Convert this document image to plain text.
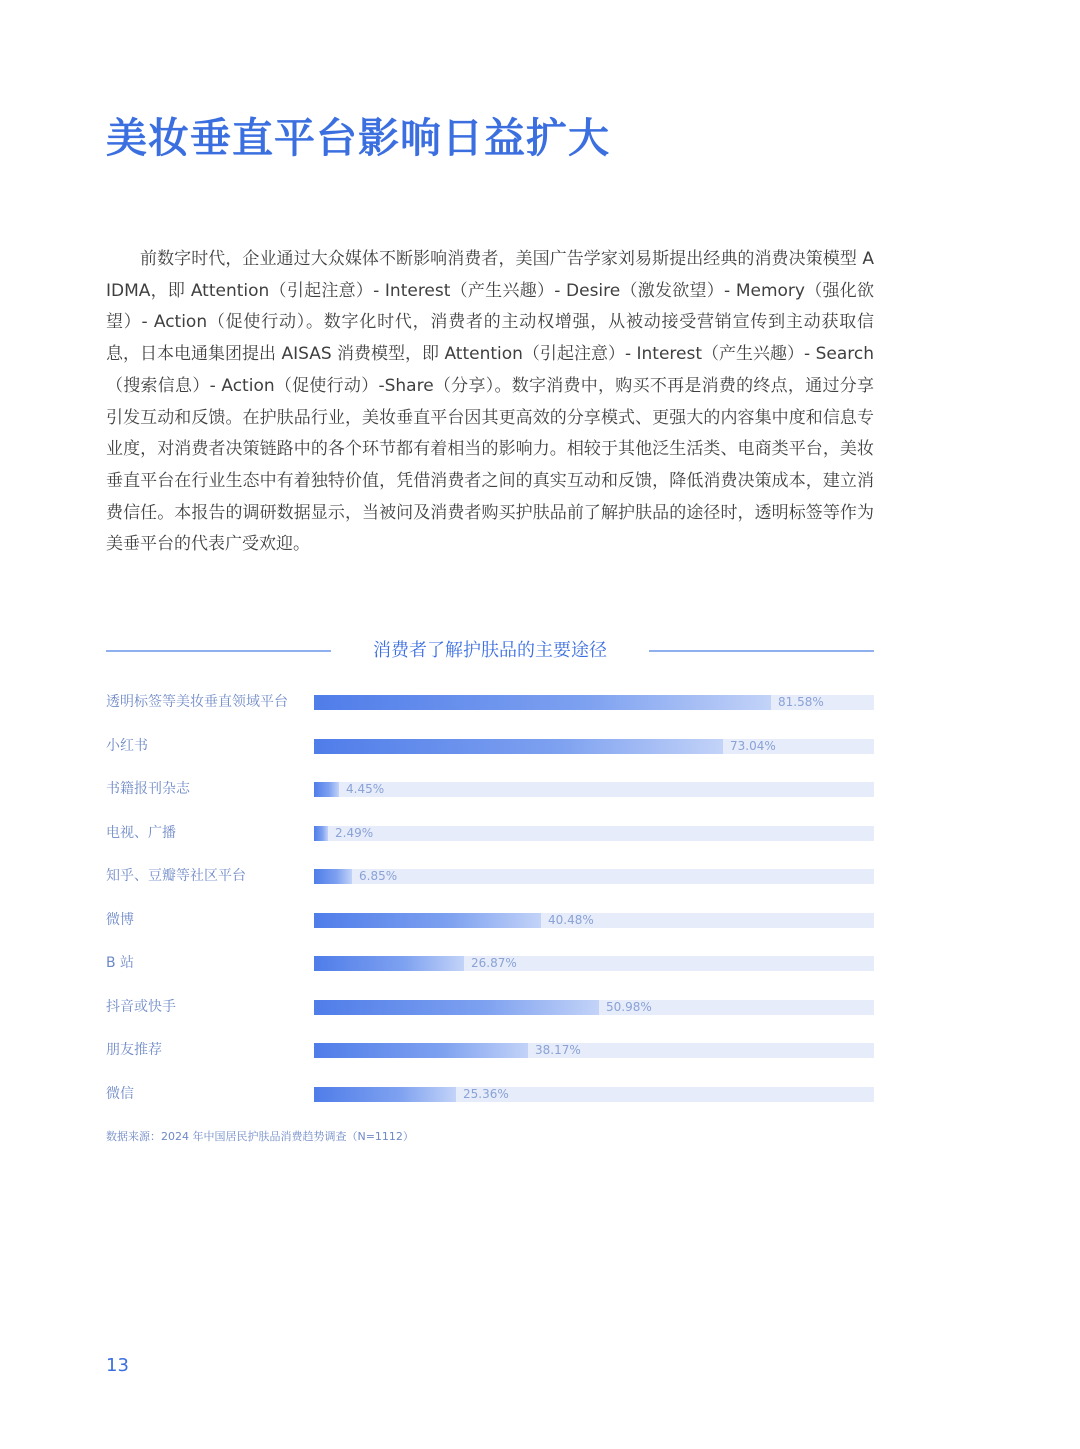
美妆垂直平台影响日益扩大

前数字时代，企业通过大众媒体不断影响消费者，美国广告学家刘易斯提出经典的消费决策模型 AIDMA，即 Attention（引起注意）- Interest（产生兴趣）- Desire（激发欲望）- Memory（强化欲望）- Action（促使行动）。数字化时代，消费者的主动权增强，从被动接受营销宣传到主动获取信息，日本电通集团提出 AISAS 消费模型，即 Attention（引起注意）- Interest（产生兴趣）- Search（搜索信息）- Action（促使行动）-Share（分享）。数字消费中，购买不再是消费的终点，通过分享引发互动和反馈。在护肤品行业，美妆垂直平台因其更高效的分享模式、更强大的内容集中度和信息专业度，对消费者决策链路中的各个环节都有着相当的影响力。相较于其他泛生活类、电商类平台，美妆垂直平台在行业生态中有着独特价值，凭借消费者之间的真实互动和反馈，降低消费决策成本，建立消费信任。本报告的调研数据显示，当被问及消费者购买护肤品前了解护肤品的途径时，透明标签等作为美垂平台的代表广受欢迎。

消费者了解护肤品的主要途径

透明标签等美妆垂直领域平台	81.58%
小红书	73.04%
书籍报刊杂志	4.45%
电视、广播	2.49%
知乎、豆瓣等社区平台	6.85%
微博	40.48%
B 站	26.87%
抖音或快手	50.98%
朋友推荐	38.17%
微信	25.36%

数据来源：2024 年中国居民护肤品消费趋势调查（N=1112）

13
